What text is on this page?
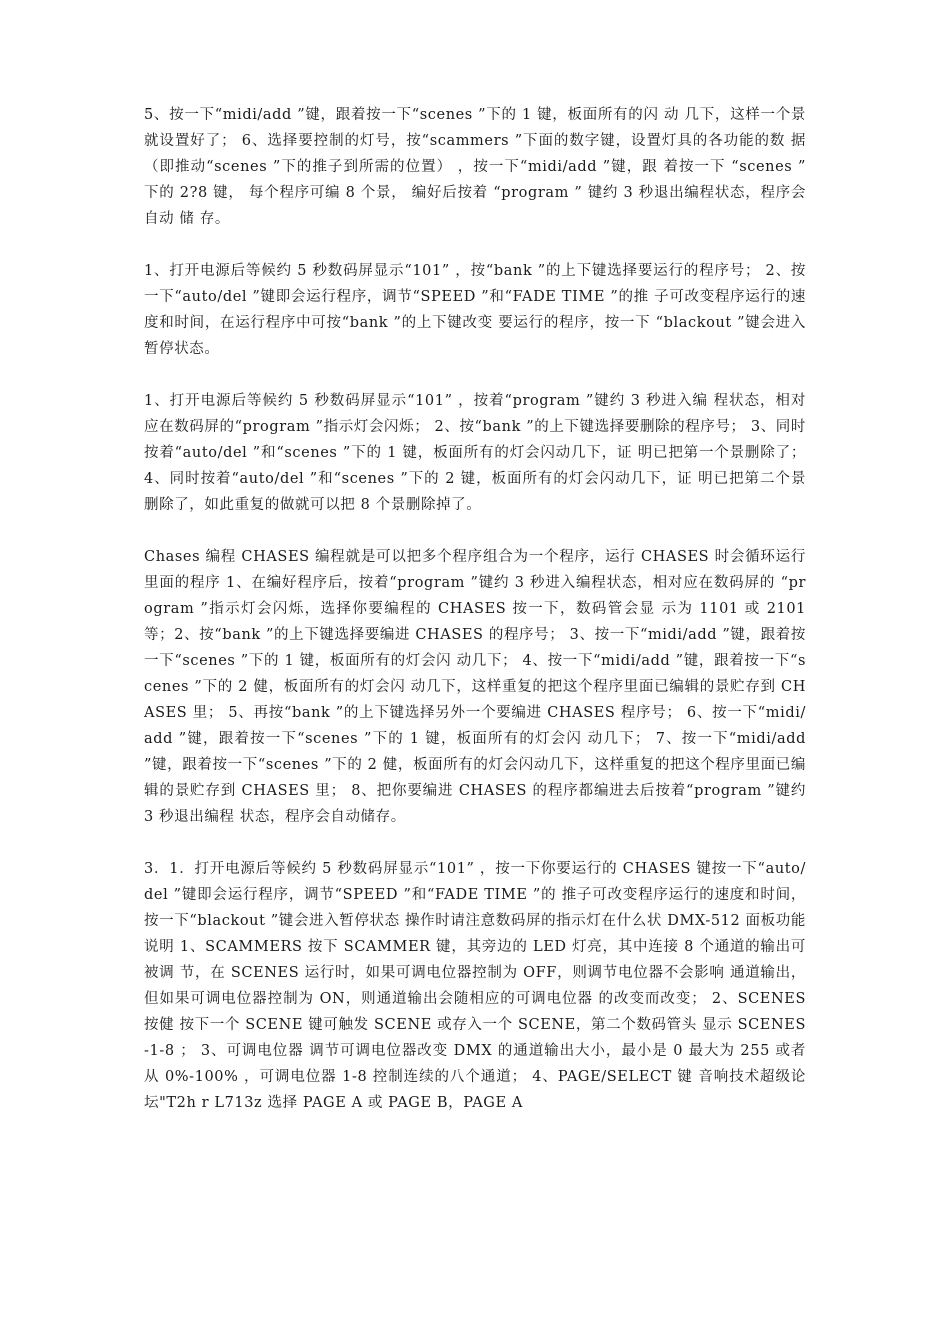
5、按一下“midi/add ”键，跟着按一下“scenes ”下的 1 键，板面所有的闪 动 几下，这样一个景就设置好了； 6、选择要控制的灯号，按“scammers ”下面的数字键，设置灯具的各功能的数 据（即推动“scenes ”下的推子到所需的位置） ，按一下“midi/add ”键，跟 着按一下 “scenes ” 下的 2?8 键， 每个程序可编 8 个景， 编好后按着 “program ” 键约 3 秒退出编程状态，程序会自动 储 存。

1、打开电源后等候约 5 秒数码屏显示“101” ，按“bank ”的上下键选择要运行的程序号； 2、按一下“auto/del ”键即会运行程序，调节“SPEED ”和“FADE TIME ”的推 子可改变程序运行的速度和时间，在运行程序中可按“bank ”的上下键改变 要运行的程序，按一下 “blackout ”键会进入暂停状态。

1、打开电源后等候约 5 秒数码屏显示“101” ，按着“program ”键约 3 秒进入编 程状态，相对应在数码屏的“program ”指示灯会闪烁； 2、按“bank ”的上下键选择要删除的程序号； 3、同时按着“auto/del ”和“scenes ”下的 1 键，板面所有的灯会闪动几下，证 明已把第一个景删除了； 4、同时按着“auto/del ”和“scenes ”下的 2 键，板面所有的灯会闪动几下，证 明已把第二个景删除了，如此重复的做就可以把 8 个景删除掉了。

Chases 编程 CHASES 编程就是可以把多个程序组合为一个程序，运行 CHASES 时会循环运行里面的程序 1、在编好程序后，按着“program ”键约 3 秒进入编程状态，相对应在数码屏的 “program ”指示灯会闪烁，选择你要编程的 CHASES 按一下，数码管会显 示为 1101 或 2101 等；2、按“bank ”的上下键选择要编进 CHASES 的程序号； 3、按一下“midi/add ”键，跟着按一下“scenes ”下的 1 键，板面所有的灯会闪 动几下； 4、按一下“midi/add ”键，跟着按一下“scenes ”下的 2 健，板面所有的灯会闪 动几下，这样重复的把这个程序里面已编辑的景贮存到 CHASES 里； 5、再按“bank ”的上下键选择另外一个要编进 CHASES 程序号； 6、按一下“midi/add ”键，跟着按一下“scenes ”下的 1 键，板面所有的灯会闪 动几下； 7、按一下“midi/add ”键，跟着按一下“scenes ”下的 2 健，板面所有的灯会闪动几下，这样重复的把这个程序里面已编辑的景贮存到 CHASES 里； 8、把你要编进 CHASES 的程序都编进去后按着“program ”键约 3 秒退出编程 状态，程序会自动储存。

3．1．打开电源后等候约 5 秒数码屏显示“101” ，按一下你要运行的 CHASES 键按一下“auto/del ”键即会运行程序，调节“SPEED ”和“FADE TIME ”的 推子可改变程序运行的速度和时间，按一下“blackout ”键会进入暂停状态 操作时请注意数码屏的指示灯在什么状 DMX-512 面板功能说明 1、SCAMMERS 按下 SCAMMER 键，其旁边的 LED 灯亮，其中连接 8 个通道的输出可被调 节，在 SCENES 运行时，如果可调电位器控制为 OFF，则调节电位器不会影响 通道输出，但如果可调电位器控制为 ON，则通道输出会随相应的可调电位器 的改变而改变； 2、SCENES 按健 按下一个 SCENE 键可触发 SCENE 或存入一个 SCENE，第二个数码管头 显示 SCENES-1-8 ； 3、可调电位器 调节可调电位器改变 DMX 的通道输出大小，最小是 0 最大为 255 或者从 0%-100% ，可调电位器 1-8 控制连续的八个通道； 4、PAGE/SELECT 键 音响技术超级论坛"T2h r L713z 选择 PAGE A 或 PAGE B，PAGE A
